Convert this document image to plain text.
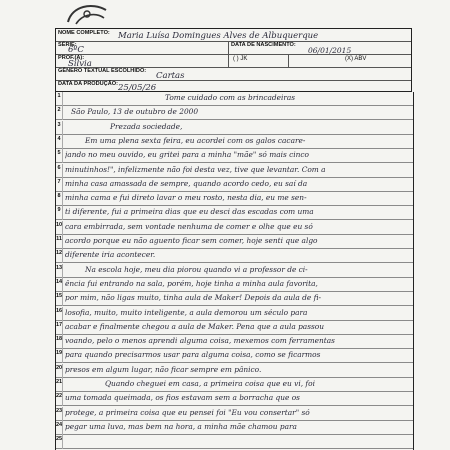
NOME COMPLETO: Maria Luísa Domingues Alves de Albuquerque
SÉRIE:
6ºC	DATA DE NASCIMENTO:
06/01/2015
PROF.(A):
Silvia	( ) JK	(X) ABV
GÊNERO TEXTUAL ESCOLHIDO: Cartas
DATA DA PRODUÇÃO: 25/05/26
1	Tome cuidado com as brincadeiras
2	São Paulo, 13 de outubro de 2000
3	Prezada sociedade,
4	Em uma plena sexta feira, eu acordei com os galos cacare-
5 jando no meu ouvido, eu gritei para a minha "mãe" só mais cinco
6 minutinhos!", infelizmente não foi desta vez, tive que levantar. Com a
7 minha casa amassada de sempre, quando acordo cedo, eu saí da
8 minha cama e fui direto lavar o meu rosto, nesta dia, eu me sen-
9 ti diferente, fui a primeira dias que eu desci das escadas com uma
10 cara embirrada, sem vontade nenhuma de comer e olhe que eu só
11 acordo porque eu não aguento ficar sem comer, hoje senti que algo
12 diferente iria acontecer.
13	Na escola hoje, meu dia piorou quando vi a professor de ci-
14 ência fui entrando na sala, porém, hoje tinha a minha aula favorita,
15 por mim, não ligas muito, tinha aula de Maker! Depois da aula de fi-
16 losofia, muito, muito inteligente, a aula demorou um século para
17 acabar e finalmente chegou a aula de Maker. Pena que a aula passou
18 voando, pelo o menos aprendi alguma coisa, mexemos com ferramentas
19 para quando precisarmos usar para alguma coisa, como se ficarmos
20 presos em algum lugar, não ficar sempre em pânico.
21	Quando cheguei em casa, a primeira coisa que eu vi, foi
22 uma tomada queimada, os fios estavam sem a borracha que os
23 protege, a primeira coisa que eu pensei foi "Eu vou consertar" só
24 pegar uma luva, mas bem na hora, a minha mãe chamou para
25
